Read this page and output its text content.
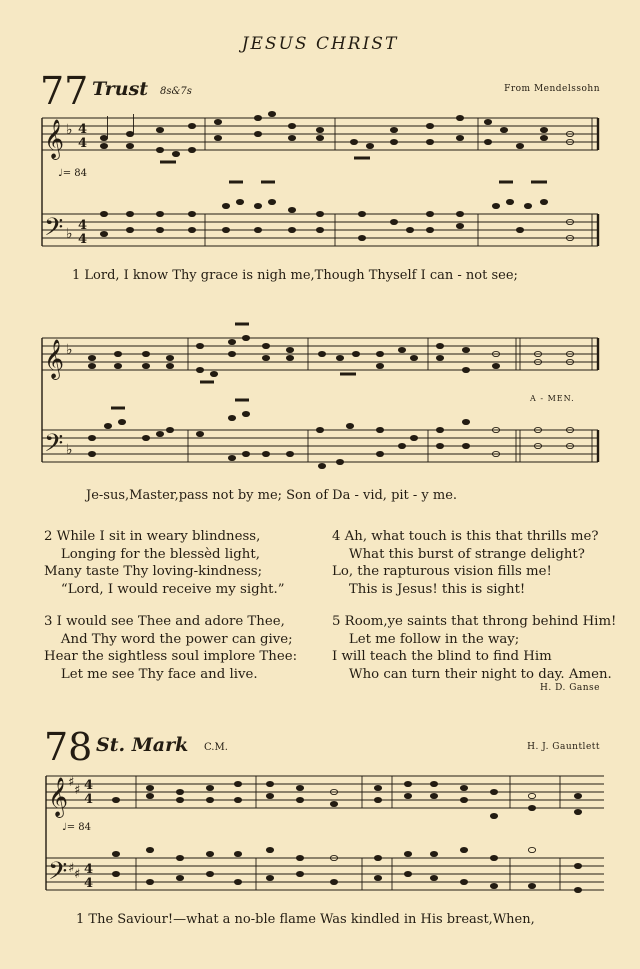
JESUS CHRIST
77 Trust 8s&7s	From Mendelssohn
𝄞 ♭ 4
4
𝄢 ♭
4
4
♩= 84
1 Lord, I know Thy grace is nigh me,Though Thyself I can - not see;
𝄞 ♭
𝄢 ♭
A - MEN.
Je-sus,Master,pass not by me; Son of Da - vid, pit - y me.
2 While I sit in weary blindness,
Longing for the blessèd light,
Many taste Thy loving-kindness;
“Lord, I would receive my sight.”
3 I would see Thee and adore Thee,
And Thy word the power can give;
Hear the sightless soul implore Thee:
Let me see Thy face and live.
4 Ah, what touch is this that thrills me?
What this burst of strange delight?
Lo, the rapturous vision fills me!
This is Jesus! this is sight!
5 Room,ye saints that throng behind Him!
Let me follow in the way;
I will teach the blind to find Him
Who can turn their night to day. Amen.
H. D. Ganse
78 St. Mark C.M.	H. J. Gauntlett
𝄞 ♯
♯ 4
4
𝄢 ♯ ♯ 4
4
♩= 84
1 The Saviour!—what a no-ble flame Was kindled in His breast,When,
